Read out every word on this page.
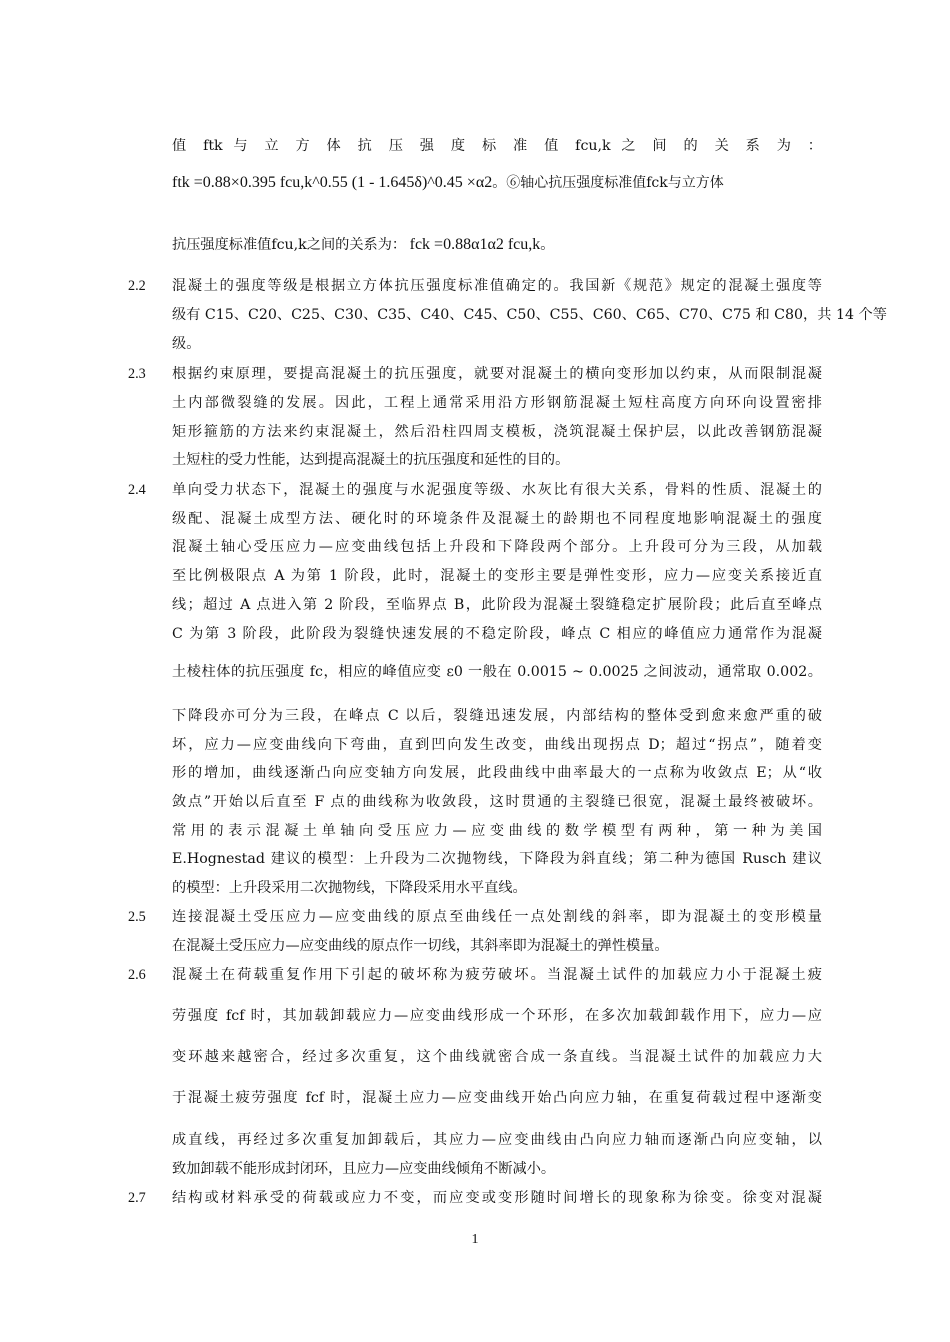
值 ftk 与 立 方 体 抗 压 强 度 标 准 值 fcu,k 之 间 的 关 系 为 ：
ftk =0.88×0.395 fcu,k^0.55 (1 - 1.645δ)^0.45 ×α2。⑥轴心抗压强度标准值fck与立方体
抗压强度标准值fcu,k之间的关系为： fck =0.88α1α2 fcu,k。
2.2 混凝土的强度等级是根据立方体抗压强度标准值确定的。我国新《规范》规定的混凝土强度等
级有 C15、C20、C25、C30、C35、C40、C45、C50、C55、C60、C65、C70、C75 和 C80，共 14 个等
级。
2.3 根据约束原理，要提高混凝土的抗压强度，就要对混凝土的横向变形加以约束，从而限制混凝
土内部微裂缝的发展。因此，工程上通常采用沿方形钢筋混凝土短柱高度方向环向设置密排
矩形箍筋的方法来约束混凝土，然后沿柱四周支模板，浇筑混凝土保护层，以此改善钢筋混凝
土短柱的受力性能，达到提高混凝土的抗压强度和延性的目的。
2.4 单向受力状态下，混凝土的强度与水泥强度等级、水灰比有很大关系，骨料的性质、混凝土的
级配、混凝土成型方法、硬化时的环境条件及混凝土的龄期也不同程度地影响混凝土的强度
混凝土轴心受压应力—应变曲线包括上升段和下降段两个部分。上升段可分为三段，从加载
至比例极限点 A 为第 1 阶段，此时，混凝土的变形主要是弹性变形，应力—应变关系接近直
线；超过 A 点进入第 2 阶段，至临界点 B，此阶段为混凝土裂缝稳定扩展阶段；此后直至峰点
C 为第 3 阶段，此阶段为裂缝快速发展的不稳定阶段，峰点 C 相应的峰值应力通常作为混凝
土棱柱体的抗压强度 fc，相应的峰值应变 ε0 一般在 0.0015 ~ 0.0025 之间波动，通常取 0.002。
下降段亦可分为三段，在峰点 C 以后，裂缝迅速发展，内部结构的整体受到愈来愈严重的破
坏，应力—应变曲线向下弯曲，直到凹向发生改变，曲线出现拐点 D；超过“拐点”，随着变
形的增加，曲线逐渐凸向应变轴方向发展，此段曲线中曲率最大的一点称为收敛点 E；从“收
敛点”开始以后直至 F 点的曲线称为收敛段，这时贯通的主裂缝已很宽，混凝土最终被破坏。
常用的表示混凝土单轴向受压应力—应变曲线的数学模型有两种，第一种为美国
E.Hognestad 建议的模型：上升段为二次抛物线，下降段为斜直线；第二种为德国 Rusch 建议
的模型：上升段采用二次抛物线，下降段采用水平直线。
2.5 连接混凝土受压应力—应变曲线的原点至曲线任一点处割线的斜率，即为混凝土的变形模量
在混凝土受压应力—应变曲线的原点作一切线，其斜率即为混凝土的弹性模量。
2.6 混凝土在荷载重复作用下引起的破坏称为疲劳破坏。当混凝土试件的加载应力小于混凝土疲
劳强度 fcf 时，其加载卸载应力—应变曲线形成一个环形，在多次加载卸载作用下，应力—应
变环越来越密合，经过多次重复，这个曲线就密合成一条直线。当混凝土试件的加载应力大
于混凝土疲劳强度 fcf 时，混凝土应力—应变曲线开始凸向应力轴，在重复荷载过程中逐渐变
成直线，再经过多次重复加卸载后，其应力—应变曲线由凸向应力轴而逐渐凸向应变轴，以
致加卸载不能形成封闭环，且应力—应变曲线倾角不断减小。
2.7 结构或材料承受的荷载或应力不变，而应变或变形随时间增长的现象称为徐变。徐变对混凝
1
